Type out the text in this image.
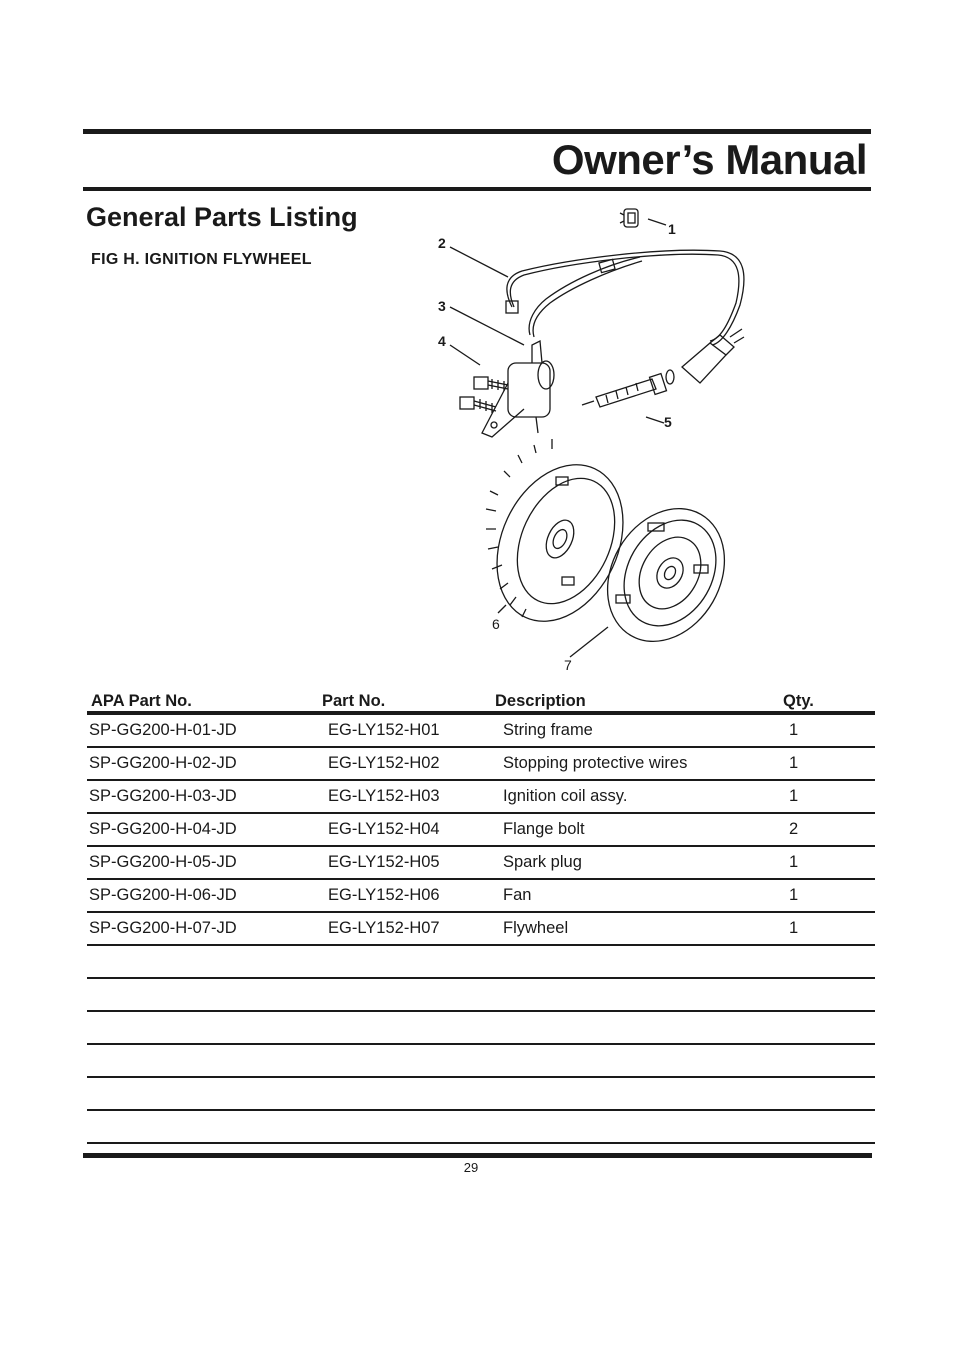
Owner’s Manual
General Parts Listing
FIG H. IGNITION FLYWHEEL
1
2
3
4
5
6
7
APA Part No.	Part No.	Description	Qty.
SP-GG200-H-01-JD	EG-LY152-H01	String frame	1
SP-GG200-H-02-JD	EG-LY152-H02	Stopping protective wires	1
SP-GG200-H-03-JD	EG-LY152-H03	Ignition coil assy.	1
SP-GG200-H-04-JD	EG-LY152-H04	Flange bolt	2
SP-GG200-H-05-JD	EG-LY152-H05	Spark plug	1
SP-GG200-H-06-JD	EG-LY152-H06	Fan	1
SP-GG200-H-07-JD	EG-LY152-H07	Flywheel	1

29
